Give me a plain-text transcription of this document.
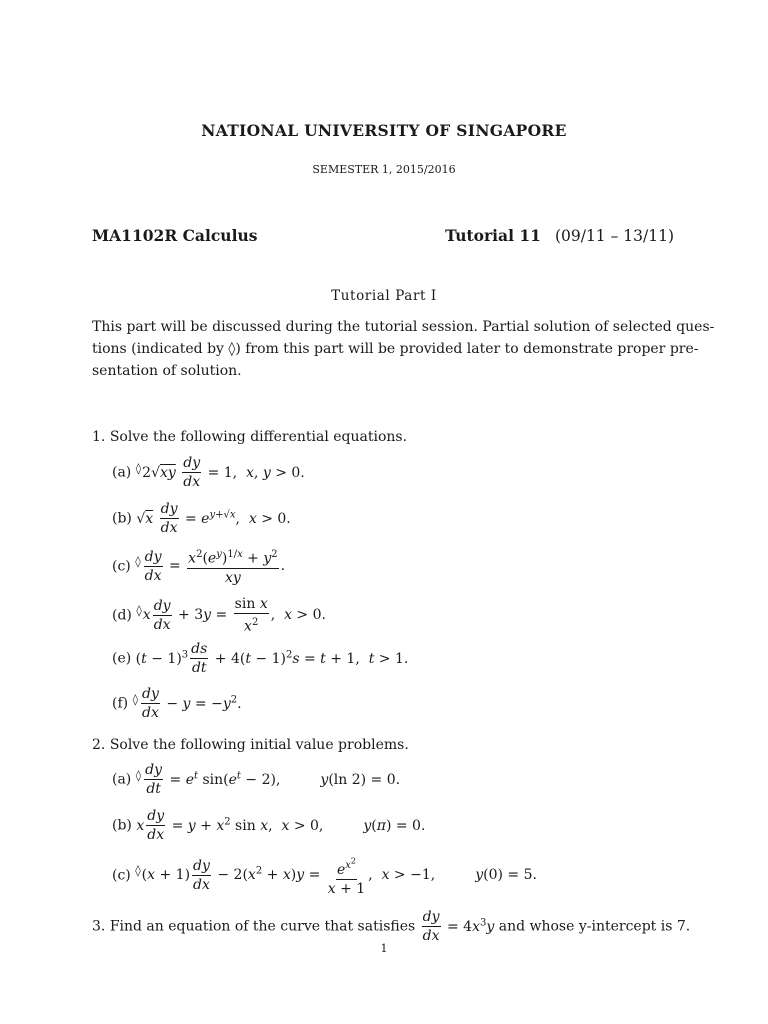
NATIONAL UNIVERSITY OF SINGAPORE
SEMESTER 1, 2015/2016
MA1102R Calculus	Tutorial 11 (09/11 – 13/11)
Tutorial Part I
This part will be discussed during the tutorial session. Partial solution of selected ques-
tions (indicated by ◊) from this part will be provided later to demonstrate proper pre-
sentation of solution.
1. Solve the following differential equations.
(a) $^◊2√xy \frac{dy}{dx} = 1$,  x, y > 0.
(b) $√x \frac{dy}{dx} = e^{y+√x}$,  x > 0.
(c) $^◊ \frac{dy}{dx} = \frac{x^2(e^y)^{1/x} + y^2}{xy}$ .
(d) $^◊x \frac{dy}{dx} + 3y = \frac{\text{sin x}}{x^2}$ ,  x > 0.
(e) $(t - 1)^3 \frac{ds}{dt} + 4(t - 1)^2s = t + 1$,  t > 1.
(f) $^◊ \frac{dy}{dx} - y = -y^2$.
2. Solve the following initial value problems.
(a) $^◊ \frac{dy}{dt} = e^t$ $\sin(e^t - 2)$,	y(ln 2) = 0.
(b) x $\frac{dy}{dx} = y + x^2$ sin x,  x > 0,	y(π) = 0.
(c) $^◊(x + 1) \frac{dy}{dx} - 2(x^2 + x)y = \frac{e^{x^2}}{x + 1}$ ,  x > −1,	y(0) = 5.
3. Find an equation of the curve that satisfies $\frac{dy}{dx} = 4x^3y$ and whose y-intercept is 7.
1
